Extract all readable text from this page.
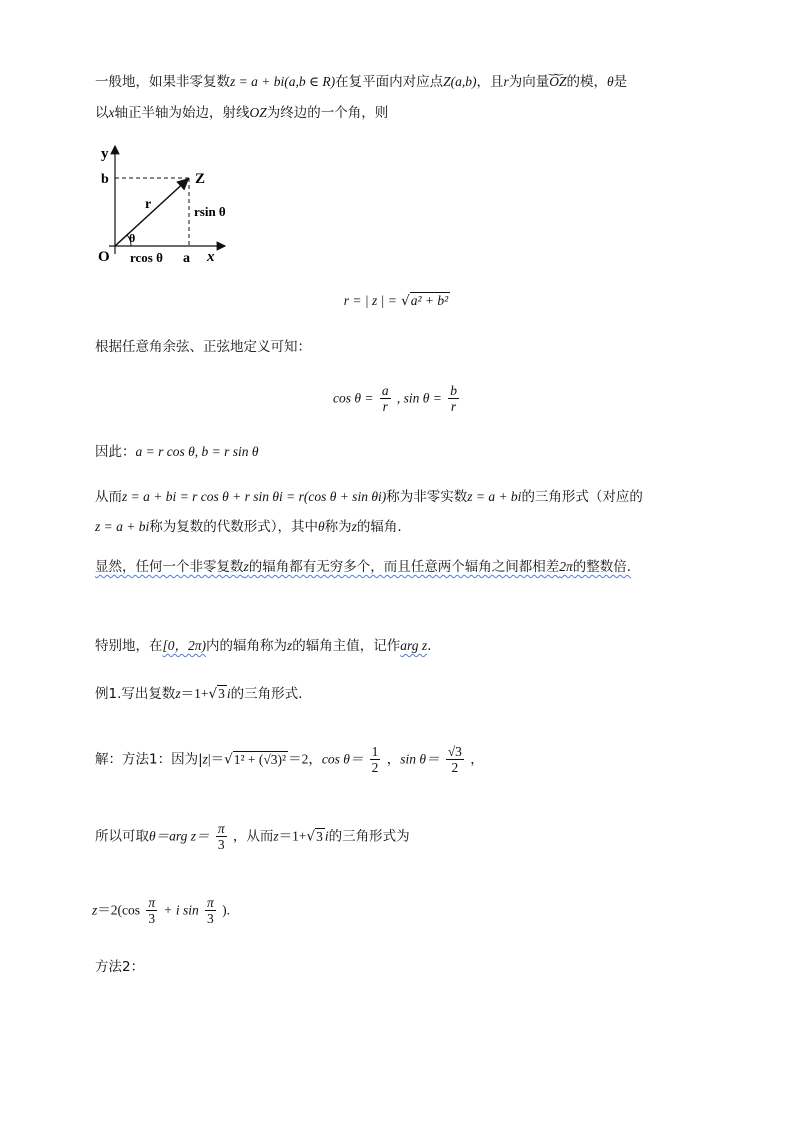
一般地，如果非零复数z = a + bi(a,b ∈ R)在复平面内对应点Z(a,b)，且r为向量‿‿ OZ的模，θ是
以x轴正半轴为始边，射线OZ为终边的一个角，则
y
b	Z
r	rsin θ
θ
O rcos θ a x
r = | z | = √a² + b²
根据任意角余弦、正弦地定义可知：
$\cos \theta = \frac{a}{r}$ , $\sin \theta = \frac{b}{r}$
因此：a = r cos θ, b = r sin θ
从而z = a + bi = r cos θ + r sin θi = r(cos θ + sin θi)称为非零实数z = a + bi的三角形式（对应的
z = a + bi称为复数的代数形式），其中θ称为z的辐角.
显然，任何一个非零复数z的辐角都有无穷多个，而且任意两个辐角之间都相差2π的整数倍.
特别地，在[0，2π)内的辐角称为z的辐角主值，记作arg z.
例1.写出复数z＝1+√3 i的三角形式.
解：方法1：因为|z|＝√1² + (√3)² ＝2，$\cos \theta= \frac{1}{2}$ ，$\sin \theta= \frac{√3}{2}$ ，
所以可取θ＝arg $z= \frac{\pi}{3}$ ，从而z＝1+√3 i的三角形式为
$z=2(\cos \frac{\pi}{3} + i$ $\sin \frac{\pi}{3}$ ).
方法2：
